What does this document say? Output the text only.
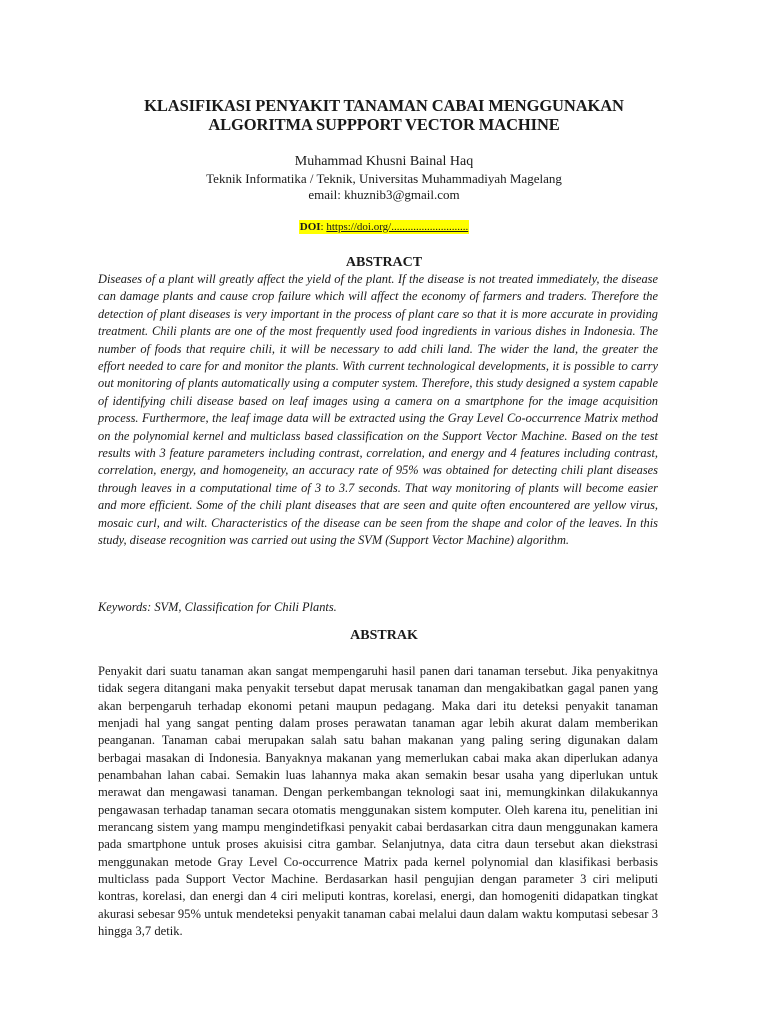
KLASIFIKASI PENYAKIT TANAMAN CABAI MENGGUNAKAN
ALGORITMA SUPPPORT VECTOR MACHINE
Muhammad Khusni Bainal Haq
Teknik Informatika / Teknik, Universitas Muhammadiyah Magelang
email: khuznib3@gmail.com
DOI: https://doi.org/............................
ABSTRACT

Diseases of a plant will greatly affect the yield of the plant. If the disease is not treated immediately, the disease can damage plants and cause crop failure which will affect the economy of farmers and traders. Therefore the detection of plant diseases is very important in the process of plant care so that it is more accurate in providing treatment. Chili plants are one of the most frequently used food ingredients in various dishes in Indonesia. The number of foods that require chili, it will be necessary to add chili land. The wider the land, the greater the effort needed to care for and monitor the plants. With current technological developments, it is possible to carry out monitoring of plants automatically using a computer system. Therefore, this study designed a system capable of identifying chili disease based on leaf images using a camera on a smartphone for the image acquisition process. Furthermore, the leaf image data will be extracted using the Gray Level Co-occurrence Matrix method on the polynomial kernel and multiclass based classification on the Support Vector Machine. Based on the test results with 3 feature parameters including contrast, correlation, and energy and 4 features including contrast, correlation, energy, and homogeneity, an accuracy rate of 95% was obtained for detecting chili plant diseases through leaves in a computational time of 3 to 3.7 seconds. That way monitoring of plants will become easier and more efficient. Some of the chili plant diseases that are seen and quite often encountered are yellow virus, mosaic curl, and wilt. Characteristics of the disease can be seen from the shape and color of the leaves. In this study, disease recognition was carried out using the SVM (Support Vector Machine) algorithm.

Keywords: SVM, Classification for Chili Plants.
ABSTRAK

Penyakit dari suatu tanaman akan sangat mempengaruhi hasil panen dari tanaman tersebut. Jika penyakitnya tidak segera ditangani maka penyakit tersebut dapat merusak tanaman dan mengakibatkan gagal panen yang akan berpengaruh terhadap ekonomi petani maupun pedagang. Maka dari itu deteksi penyakit tanaman menjadi hal yang sangat penting dalam proses perawatan tanaman agar lebih akurat dalam memberikan peanganan. Tanaman cabai merupakan salah satu bahan makanan yang paling sering digunakan dalam berbagai masakan di Indonesia. Banyaknya makanan yang memerlukan cabai maka akan diperlukan adanya penambahan lahan cabai. Semakin luas lahannya maka akan semakin besar usaha yang diperlukan untuk merawat dan mengawasi tanaman. Dengan perkembangan teknologi saat ini, memungkinkan dilakukannya pengawasan terhadap tanaman secara otomatis menggunakan sistem komputer. Oleh karena itu, penelitian ini merancang sistem yang mampu mengindetifkasi penyakit cabai berdasarkan citra daun menggunakan kamera pada smartphone untuk proses akuisisi citra gambar. Selanjutnya, data citra daun tersebut akan diekstrasi menggunakan metode Gray Level Co-occurrence Matrix pada kernel polynomial dan klasifikasi berbasis multiclass pada Support Vector Machine. Berdasarkan hasil pengujian dengan parameter 3 ciri meliputi kontras, korelasi, dan energi dan 4 ciri meliputi kontras, korelasi, energi, dan homogeniti didapatkan tingkat akurasi sebesar 95% untuk mendeteksi penyakit tanaman cabai melalui daun dalam waktu komputasi sebesar 3 hingga 3,7 detik.
